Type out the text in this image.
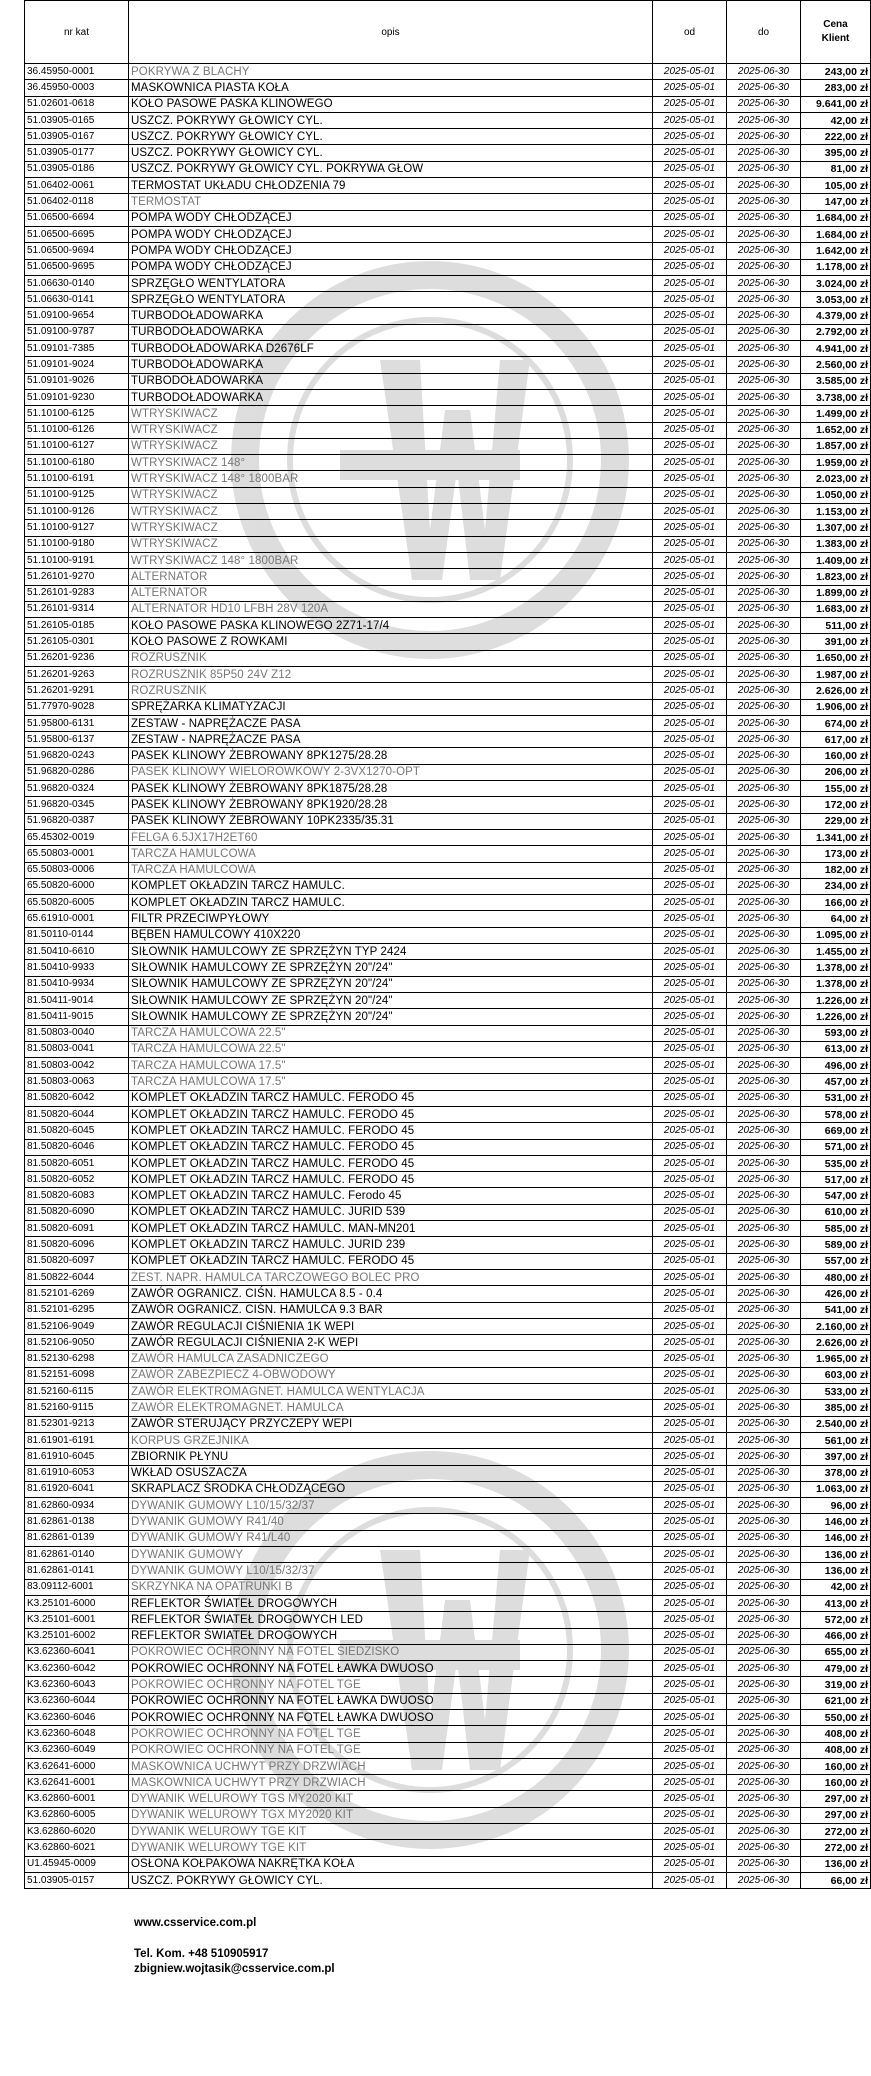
nr kat	opis	od	do	Cena
Klient
36.45950-0001	POKRYWA Z BLACHY	2025-05-01	2025-06-30	243,00 zł
36.45950-0003	MASKOWNICA PIASTA KOŁA	2025-05-01	2025-06-30	283,00 zł
51.02601-0618	KOŁO PASOWE PASKA KLINOWEGO	2025-05-01	2025-06-30	9.641,00 zł
51.03905-0165	USZCZ. POKRYWY GŁOWICY CYL.	2025-05-01	2025-06-30	42,00 zł
51.03905-0167	USZCZ. POKRYWY GŁOWICY CYL.	2025-05-01	2025-06-30	222,00 zł
51.03905-0177	USZCZ. POKRYWY GŁOWICY CYL.	2025-05-01	2025-06-30	395,00 zł
51.03905-0186	USZCZ. POKRYWY GŁOWICY CYL. POKRYWA GŁOW	2025-05-01	2025-06-30	81,00 zł
51.06402-0061	TERMOSTAT UKŁADU CHŁODZENIA 79	2025-05-01	2025-06-30	105,00 zł
51.06402-0118	TERMOSTAT	2025-05-01	2025-06-30	147,00 zł
51.06500-6694	POMPA WODY CHŁODZĄCEJ	2025-05-01	2025-06-30	1.684,00 zł
51.06500-6695	POMPA WODY CHŁODZĄCEJ	2025-05-01	2025-06-30	1.684,00 zł
51.06500-9694	POMPA WODY CHŁODZĄCEJ	2025-05-01	2025-06-30	1.642,00 zł
51.06500-9695	POMPA WODY CHŁODZĄCEJ	2025-05-01	2025-06-30	1.178,00 zł
51.06630-0140	SPRZĘGŁO WENTYLATORA	2025-05-01	2025-06-30	3.024,00 zł
51.06630-0141	SPRZĘGŁO WENTYLATORA	2025-05-01	2025-06-30	3.053,00 zł
51.09100-9654	TURBODOŁADOWARKA	2025-05-01	2025-06-30	4.379,00 zł
51.09100-9787	TURBODOŁADOWARKA	2025-05-01	2025-06-30	2.792,00 zł
51.09101-7385	TURBODOŁADOWARKA D2676LF	2025-05-01	2025-06-30	4.941,00 zł
51.09101-9024	TURBODOŁADOWARKA	2025-05-01	2025-06-30	2.560,00 zł
51.09101-9026	TURBODOŁADOWARKA	2025-05-01	2025-06-30	3.585,00 zł
51.09101-9230	TURBODOŁADOWARKA	2025-05-01	2025-06-30	3.738,00 zł
51.10100-6125	WTRYSKIWACZ	2025-05-01	2025-06-30	1.499,00 zł
51.10100-6126	WTRYSKIWACZ	2025-05-01	2025-06-30	1.652,00 zł
51.10100-6127	WTRYSKIWACZ	2025-05-01	2025-06-30	1.857,00 zł
51.10100-6180	WTRYSKIWACZ 148°	2025-05-01	2025-06-30	1.959,00 zł
51.10100-6191	WTRYSKIWACZ 148° 1800BAR	2025-05-01	2025-06-30	2.023,00 zł
51.10100-9125	WTRYSKIWACZ	2025-05-01	2025-06-30	1.050,00 zł
51.10100-9126	WTRYSKIWACZ	2025-05-01	2025-06-30	1.153,00 zł
51.10100-9127	WTRYSKIWACZ	2025-05-01	2025-06-30	1.307,00 zł
51.10100-9180	WTRYSKIWACZ	2025-05-01	2025-06-30	1.383,00 zł
51.10100-9191	WTRYSKIWACZ 148° 1800BAR	2025-05-01	2025-06-30	1.409,00 zł
51.26101-9270	ALTERNATOR	2025-05-01	2025-06-30	1.823,00 zł
51.26101-9283	ALTERNATOR	2025-05-01	2025-06-30	1.899,00 zł
51.26101-9314	ALTERNATOR HD10 LFBH 28V 120A	2025-05-01	2025-06-30	1.683,00 zł
51.26105-0185	KOŁO PASOWE PASKA KLINOWEGO 2Z71-17/4	2025-05-01	2025-06-30	511,00 zł
51.26105-0301	KOŁO PASOWE Z ROWKAMI	2025-05-01	2025-06-30	391,00 zł
51.26201-9236	ROZRUSZNIK	2025-05-01	2025-06-30	1.650,00 zł
51.26201-9263	ROZRUSZNIK 85P50 24V Z12	2025-05-01	2025-06-30	1.987,00 zł
51.26201-9291	ROZRUSZNIK	2025-05-01	2025-06-30	2.626,00 zł
51.77970-9028	SPRĘŻARKA KLIMATYZACJI	2025-05-01	2025-06-30	1.906,00 zł
51.95800-6131	ZESTAW - NAPRĘŻACZE PASA	2025-05-01	2025-06-30	674,00 zł
51.95800-6137	ZESTAW - NAPRĘŻACZE PASA	2025-05-01	2025-06-30	617,00 zł
51.96820-0243	PASEK KLINOWY ŻEBROWANY 8PK1275/28.28	2025-05-01	2025-06-30	160,00 zł
51.96820-0286	PASEK KLINOWY WIELOROWKOWY 2-3VX1270-OPT	2025-05-01	2025-06-30	206,00 zł
51.96820-0324	PASEK KLINOWY ŻEBROWANY 8PK1875/28.28	2025-05-01	2025-06-30	155,00 zł
51.96820-0345	PASEK KLINOWY ŻEBROWANY 8PK1920/28.28	2025-05-01	2025-06-30	172,00 zł
51.96820-0387	PASEK KLINOWY ŻEBROWANY 10PK2335/35.31	2025-05-01	2025-06-30	229,00 zł
65.45302-0019	FELGA 6.5JX17H2ET60	2025-05-01	2025-06-30	1.341,00 zł
65.50803-0001	TARCZA HAMULCOWA	2025-05-01	2025-06-30	173,00 zł
65.50803-0006	TARCZA HAMULCOWA	2025-05-01	2025-06-30	182,00 zł
65.50820-6000	KOMPLET OKŁADZIN TARCZ HAMULC.	2025-05-01	2025-06-30	234,00 zł
65.50820-6005	KOMPLET OKŁADZIN TARCZ HAMULC.	2025-05-01	2025-06-30	166,00 zł
65.61910-0001	FILTR PRZECIWPYŁOWY	2025-05-01	2025-06-30	64,00 zł
81.50110-0144	BĘBEN HAMULCOWY 410X220	2025-05-01	2025-06-30	1.095,00 zł
81.50410-6610	SIŁOWNIK HAMULCOWY ZE SPRZĘŻYN TYP 2424	2025-05-01	2025-06-30	1.455,00 zł
81.50410-9933	SIŁOWNIK HAMULCOWY ZE SPRZĘŻYN 20"/24"	2025-05-01	2025-06-30	1.378,00 zł
81.50410-9934	SIŁOWNIK HAMULCOWY ZE SPRZĘŻYN 20"/24"	2025-05-01	2025-06-30	1.378,00 zł
81.50411-9014	SIŁOWNIK HAMULCOWY ZE SPRZĘŻYN 20"/24"	2025-05-01	2025-06-30	1.226,00 zł
81.50411-9015	SIŁOWNIK HAMULCOWY ZE SPRZĘŻYN 20"/24"	2025-05-01	2025-06-30	1.226,00 zł
81.50803-0040	TARCZA HAMULCOWA 22.5"	2025-05-01	2025-06-30	593,00 zł
81.50803-0041	TARCZA HAMULCOWA 22.5"	2025-05-01	2025-06-30	613,00 zł
81.50803-0042	TARCZA HAMULCOWA 17.5"	2025-05-01	2025-06-30	496,00 zł
81.50803-0063	TARCZA HAMULCOWA 17.5"	2025-05-01	2025-06-30	457,00 zł
81.50820-6042	KOMPLET OKŁADZIN TARCZ HAMULC. FERODO 45	2025-05-01	2025-06-30	531,00 zł
81.50820-6044	KOMPLET OKŁADZIN TARCZ HAMULC. FERODO 45	2025-05-01	2025-06-30	578,00 zł
81.50820-6045	KOMPLET OKŁADZIN TARCZ HAMULC. FERODO 45	2025-05-01	2025-06-30	669,00 zł
81.50820-6046	KOMPLET OKŁADZIN TARCZ HAMULC. FERODO 45	2025-05-01	2025-06-30	571,00 zł
81.50820-6051	KOMPLET OKŁADZIN TARCZ HAMULC. FERODO 45	2025-05-01	2025-06-30	535,00 zł
81.50820-6052	KOMPLET OKŁADZIN TARCZ HAMULC. FERODO 45	2025-05-01	2025-06-30	517,00 zł
81.50820-6083	KOMPLET OKŁADZIN TARCZ HAMULC. Ferodo 45	2025-05-01	2025-06-30	547,00 zł
81.50820-6090	KOMPLET OKŁADZIN TARCZ HAMULC. JURID 539	2025-05-01	2025-06-30	610,00 zł
81.50820-6091	KOMPLET OKŁADZIN TARCZ HAMULC. MAN-MN201	2025-05-01	2025-06-30	585,00 zł
81.50820-6096	KOMPLET OKŁADZIN TARCZ HAMULC. JURID 239	2025-05-01	2025-06-30	589,00 zł
81.50820-6097	KOMPLET OKŁADZIN TARCZ HAMULC. FERODO 45	2025-05-01	2025-06-30	557,00 zł
81.50822-6044	ZEST. NAPR. HAMULCA TARCZOWEGO BOLEC PRO	2025-05-01	2025-06-30	480,00 zł
81.52101-6269	ZAWÓR OGRANICZ. CIŚN. HAMULCA 8.5 - 0.4	2025-05-01	2025-06-30	426,00 zł
81.52101-6295	ZAWÓR OGRANICZ. CIŚN. HAMULCA 9.3 BAR	2025-05-01	2025-06-30	541,00 zł
81.52106-9049	ZAWÓR REGULACJI CIŚNIENIA 1K WEPI	2025-05-01	2025-06-30	2.160,00 zł
81.52106-9050	ZAWÓR REGULACJI CIŚNIENIA 2-K WEPI	2025-05-01	2025-06-30	2.626,00 zł
81.52130-6298	ZAWÓR HAMULCA ZASADNICZEGO	2025-05-01	2025-06-30	1.965,00 zł
81.52151-6098	ZAWÓR ZABEZPIECZ 4-OBWODOWY	2025-05-01	2025-06-30	603,00 zł
81.52160-6115	ZAWÓR ELEKTROMAGNET. HAMULCA WENTYLACJA	2025-05-01	2025-06-30	533,00 zł
81.52160-9115	ZAWÓR ELEKTROMAGNET. HAMULCA	2025-05-01	2025-06-30	385,00 zł
81.52301-9213	ZAWÓR STERUJĄCY PRZYCZEPY WEPI	2025-05-01	2025-06-30	2.540,00 zł
81.61901-6191	KORPUS GRZEJNIKA	2025-05-01	2025-06-30	561,00 zł
81.61910-6045	ZBIORNIK PŁYNU	2025-05-01	2025-06-30	397,00 zł
81.61910-6053	WKŁAD OSUSZACZA	2025-05-01	2025-06-30	378,00 zł
81.61920-6041	SKRAPLACZ ŚRODKA CHŁODZĄCEGO	2025-05-01	2025-06-30	1.063,00 zł
81.62860-0934	DYWANIK GUMOWY L10/15/32/37	2025-05-01	2025-06-30	96,00 zł
81.62861-0138	DYWANIK GUMOWY R41/40	2025-05-01	2025-06-30	146,00 zł
81.62861-0139	DYWANIK GUMOWY R41/L40	2025-05-01	2025-06-30	146,00 zł
81.62861-0140	DYWANIK GUMOWY	2025-05-01	2025-06-30	136,00 zł
81.62861-0141	DYWANIK GUMOWY L10/15/32/37	2025-05-01	2025-06-30	136,00 zł
83.09112-6001	SKRZYNKA NA OPATRUNKI B	2025-05-01	2025-06-30	42,00 zł
K3.25101-6000	REFLEKTOR ŚWIATEŁ DROGOWYCH	2025-05-01	2025-06-30	413,00 zł
K3.25101-6001	REFLEKTOR ŚWIATEŁ DROGOWYCH LED	2025-05-01	2025-06-30	572,00 zł
K3.25101-6002	REFLEKTOR ŚWIATEŁ DROGOWYCH	2025-05-01	2025-06-30	466,00 zł
K3.62360-6041	POKROWIEC OCHRONNY NA FOTEL SIEDZISKO	2025-05-01	2025-06-30	655,00 zł
K3.62360-6042	POKROWIEC OCHRONNY NA FOTEL ŁAWKA DWUOSO	2025-05-01	2025-06-30	479,00 zł
K3.62360-6043	POKROWIEC OCHRONNY NA FOTEL TGE	2025-05-01	2025-06-30	319,00 zł
K3.62360-6044	POKROWIEC OCHRONNY NA FOTEL ŁAWKA DWUOSO	2025-05-01	2025-06-30	621,00 zł
K3.62360-6046	POKROWIEC OCHRONNY NA FOTEL ŁAWKA DWUOSO	2025-05-01	2025-06-30	550,00 zł
K3.62360-6048	POKROWIEC OCHRONNY NA FOTEL TGE	2025-05-01	2025-06-30	408,00 zł
K3.62360-6049	POKROWIEC OCHRONNY NA FOTEL TGE	2025-05-01	2025-06-30	408,00 zł
K3.62641-6000	MASKOWNICA UCHWYT PRZY DRZWIACH	2025-05-01	2025-06-30	160,00 zł
K3.62641-6001	MASKOWNICA UCHWYT PRZY DRZWIACH	2025-05-01	2025-06-30	160,00 zł
K3.62860-6001	DYWANIK WELUROWY TGS MY2020 KIT	2025-05-01	2025-06-30	297,00 zł
K3.62860-6005	DYWANIK WELUROWY TGX MY2020 KIT	2025-05-01	2025-06-30	297,00 zł
K3.62860-6020	DYWANIK WELUROWY TGE KIT	2025-05-01	2025-06-30	272,00 zł
K3.62860-6021	DYWANIK WELUROWY TGE KIT	2025-05-01	2025-06-30	272,00 zł
U1.45945-0009	OSŁONA KOŁPAKOWA NAKRĘTKA KOŁA	2025-05-01	2025-06-30	136,00 zł
51.03905-0157	USZCZ. POKRYWY GŁOWICY CYL.	2025-05-01	2025-06-30	66,00 zł
www.csservice.com.pl
Tel. Kom. +48 510905917
zbigniew.wojtasik@csservice.com.pl
